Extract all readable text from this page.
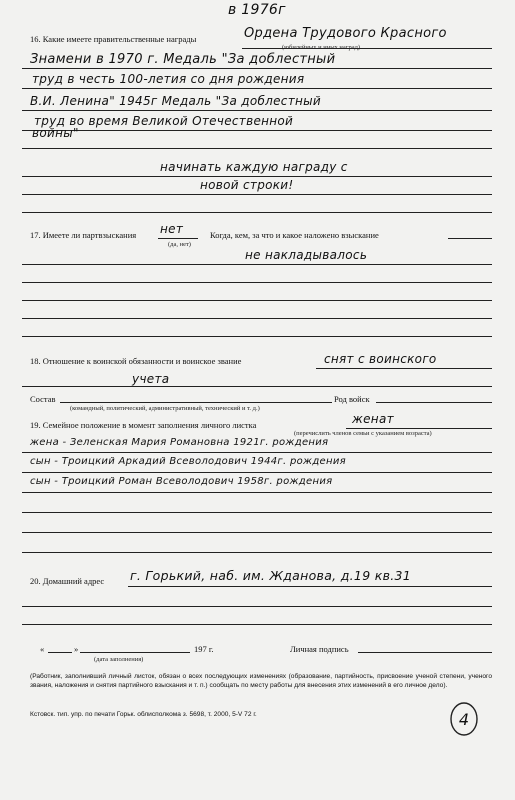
в 1976г
16. Какие имеете правительственные награды
(юбилейных и иных наград)
Ордена Трудового Красного
Знамени в 1970 г. Медаль "За доблестный
труд в честь 100-летия со дня рождения
В.И. Ленина" 1945г Медаль "За доблестный
труд во время Великой Отечественной
войны"
начинать каждую награду с
новой строки!
17. Имеете ли партвзыскания нет
(да, нет)
Когда, кем, за что и какое наложено взыскание
не накладывалось
18. Отношение к воинской обязанности и воинское звание	снят с воинского
учета
Состав	Род войск
(командный, политический, административный, технический и т. д.)
19. Семейное положение в момент заполнения личного листка	женат
(перечислить членов семьи с указанием возраста)
жена - Зеленская Мария Романовна 1921г. рождения
сын - Троицкий Аркадий Всеволодович 1944г. рождения
сын - Троицкий Роман Всеволодович 1958г. рождения
20. Домашний адрес г. Горький, наб. им. Жданова, д.19 кв.31
«	»	197 г.
(дата заполнения)
Личная подпись
(Работник, заполнивший личный листок, обязан о всех последующих изменениях (образование, партийность, присвоение ученой степени, ученого звания, наложения и снятия партийного взыскания и т. п.) сообщать по месту работы для внесения этих изменений в его личное дело).
Кстовск. тип. упр. по печати Горьк. облисполкома з. 5698, т. 2000, 5-V 72 г.	4
